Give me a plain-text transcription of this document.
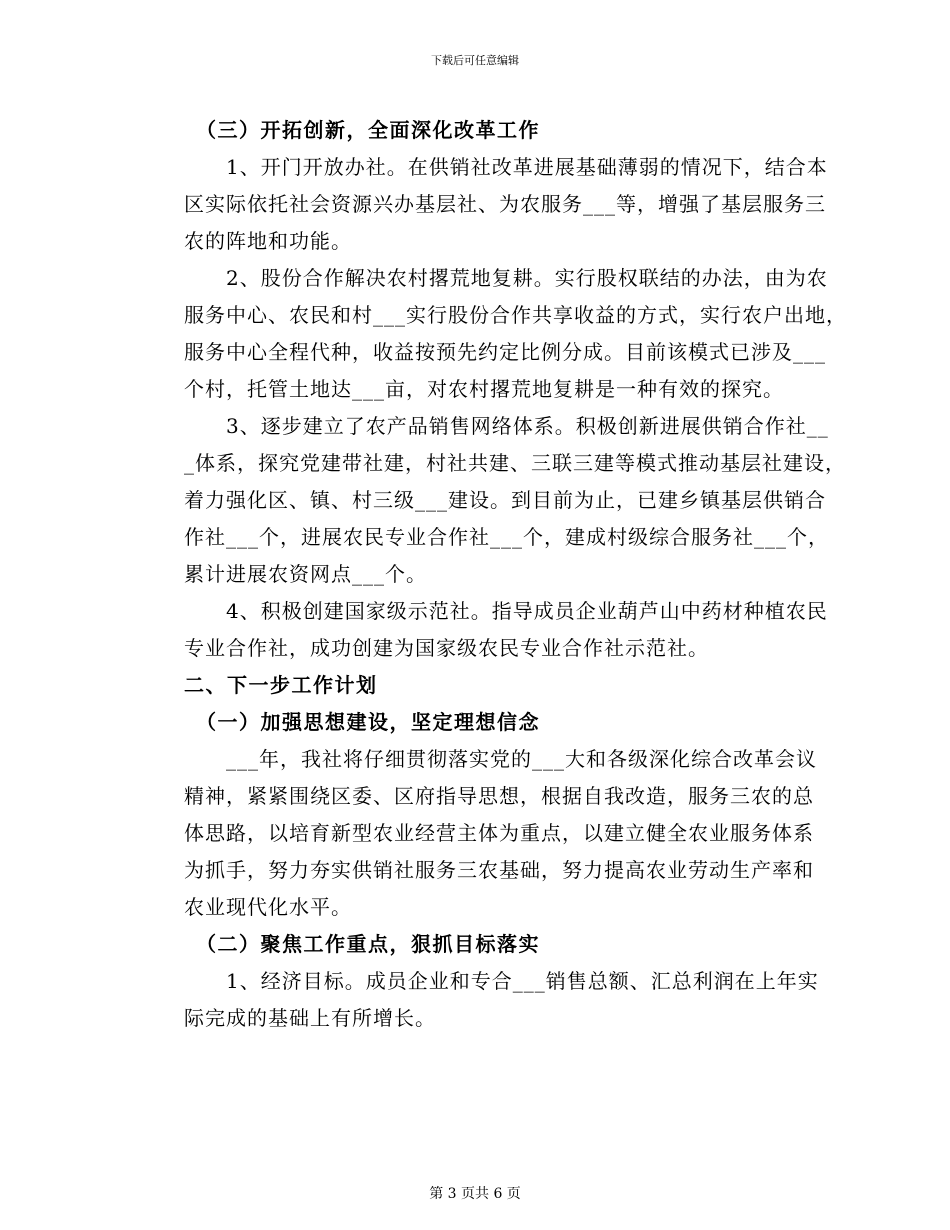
下载后可任意编辑
（三）开拓创新，全面深化改革工作
1、开门开放办社。在供销社改革进展基础薄弱的情况下，结合本
区实际依托社会资源兴办基层社、为农服务___等，增强了基层服务三
农的阵地和功能。
2、股份合作解决农村撂荒地复耕。实行股权联结的办法，由为农
服务中心、农民和村___实行股份合作共享收益的方式，实行农户出地，
服务中心全程代种，收益按预先约定比例分成。目前该模式已涉及___
个村，托管土地达___亩，对农村撂荒地复耕是一种有效的探究。
3、逐步建立了农产品销售网络体系。积极创新进展供销合作社__
_体系，探究党建带社建，村社共建、三联三建等模式推动基层社建设，
着力强化区、镇、村三级___建设。到目前为止，已建乡镇基层供销合
作社___个，进展农民专业合作社___个，建成村级综合服务社___个，
累计进展农资网点___个。
4、积极创建国家级示范社。指导成员企业葫芦山中药材种植农民
专业合作社，成功创建为国家级农民专业合作社示范社。
二、下一步工作计划
（一）加强思想建设，坚定理想信念
___年，我社将仔细贯彻落实党的___大和各级深化综合改革会议
精神，紧紧围绕区委、区府指导思想，根据自我改造，服务三农的总
体思路，以培育新型农业经营主体为重点，以建立健全农业服务体系
为抓手，努力夯实供销社服务三农基础，努力提高农业劳动生产率和
农业现代化水平。
（二）聚焦工作重点，狠抓目标落实
1、经济目标。成员企业和专合___销售总额、汇总利润在上年实
际完成的基础上有所增长。
第 3 页共 6 页
